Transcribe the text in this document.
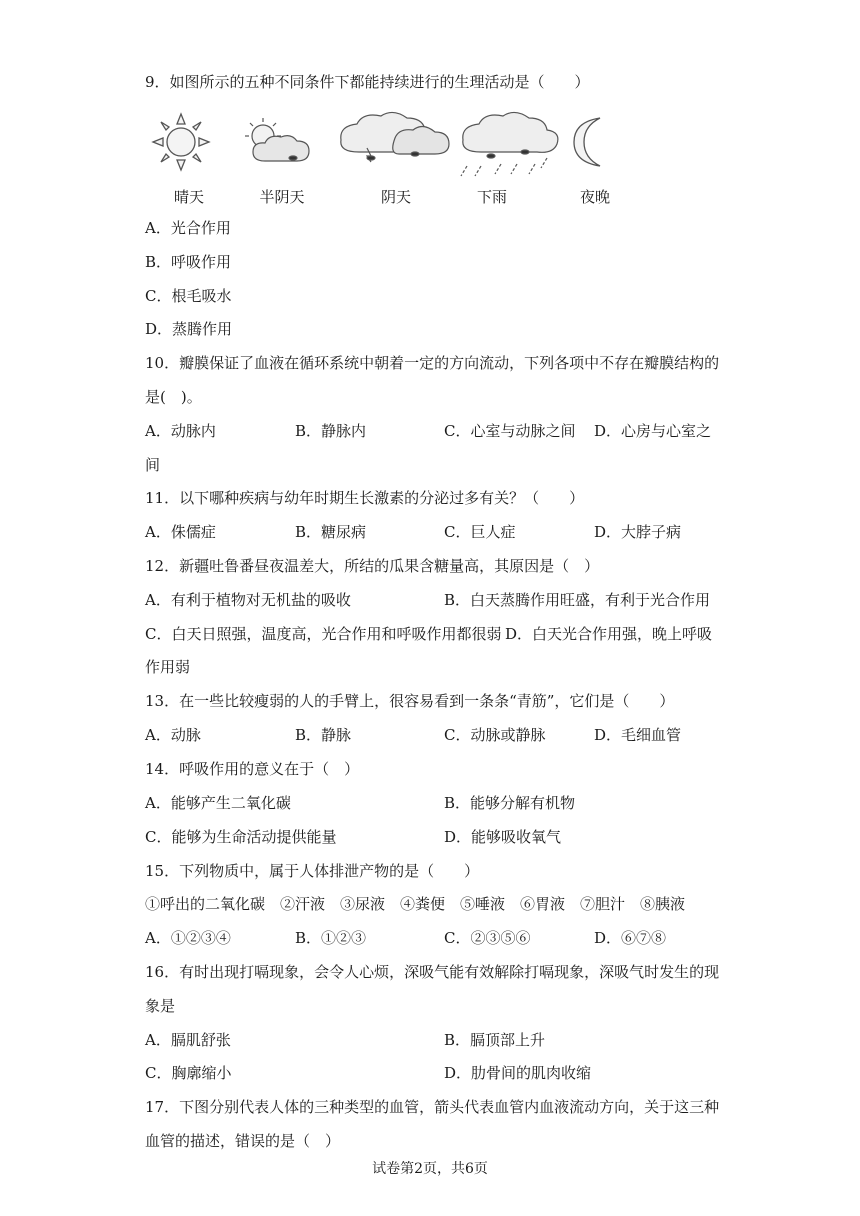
9．如图所示的五种不同条件下都能持续进行的生理活动是（　　）
晴天	半阴天	阴天	下雨	夜晚
A．光合作用
B．呼吸作用
C．根毛吸水
D．蒸腾作用
10．瓣膜保证了血液在循环系统中朝着一定的方向流动，下列各项中不存在瓣膜结构的
是(　)。
A．动脉内	B．静脉内	C．心室与动脉之间 D．心房与心室之
间
11．以下哪种疾病与幼年时期生长激素的分泌过多有关？（　　）
A．侏儒症	B．糖尿病	C．巨人症	D．大脖子病
12．新疆吐鲁番昼夜温差大，所结的瓜果含糖量高，其原因是（　）
A．有利于植物对无机盐的吸收	B．白天蒸腾作用旺盛，有利于光合作用
C．白天日照强，温度高，光合作用和呼吸作用都很弱 D．白天光合作用强，晚上呼吸
作用弱
13．在一些比较瘦弱的人的手臂上，很容易看到一条条“青筋”，它们是（　　）
A．动脉	B．静脉	C．动脉或静脉	D．毛细血管
14．呼吸作用的意义在于（　）
A．能够产生二氧化碳	B．能够分解有机物
C．能够为生命活动提供能量	D．能够吸收氧气
15．下列物质中，属于人体排泄产物的是（　　）
①呼出的二氧化碳　②汗液　③尿液　④粪便　⑤唾液　⑥胃液　⑦胆汁　⑧胰液
A．①②③④	B．①②③	C．②③⑤⑥	D．⑥⑦⑧
16．有时出现打嗝现象，会令人心烦，深吸气能有效解除打嗝现象，深吸气时发生的现
象是
A．膈肌舒张	B．膈顶部上升
C．胸廓缩小	D．肋骨间的肌肉收缩
17．下图分别代表人体的三种类型的血管，箭头代表血管内血液流动方向，关于这三种
血管的描述，错误的是（　）
试卷第2页，共6页
